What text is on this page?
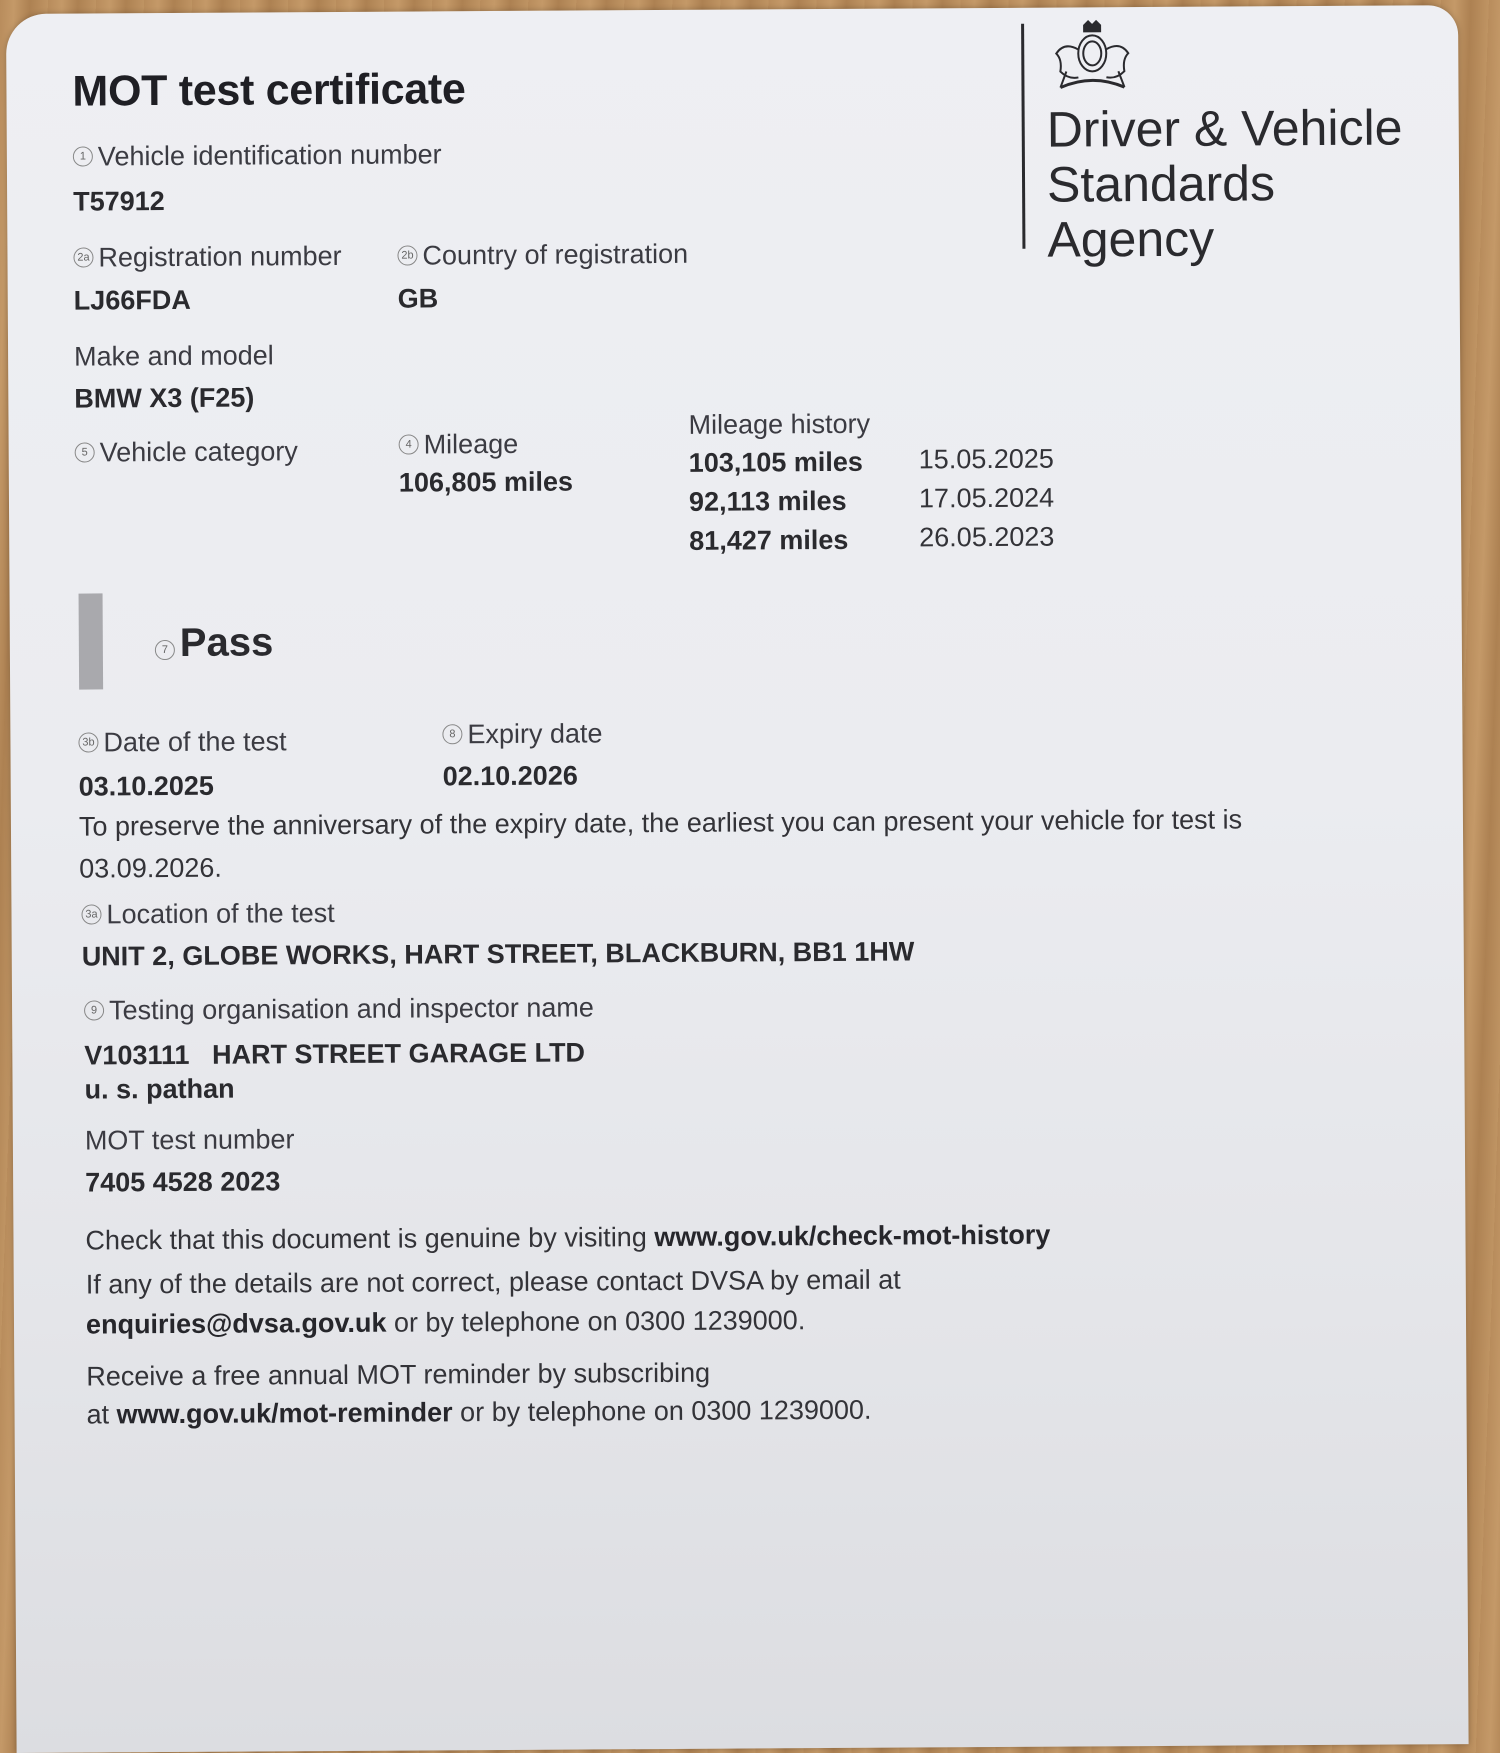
MOT test certificate
Driver & Vehicle
Standards
Agency
1 Vehicle identification number
T57912
2a Registration number
LJ66FDA
2b Country of registration
GB
Make and model
BMW X3 (F25)
5 Vehicle category	4 Mileage
106,805 miles
Mileage history
103,105 miles 15.05.2025
92,113 miles	17.05.2024
81,427 miles	26.05.2023
7 Pass
3b Date of the test
03.10.2025
8 Expiry date
02.10.2026
To preserve the anniversary of the expiry date, the earliest you can present your vehicle for test is
03.09.2026.
3a Location of the test
UNIT 2, GLOBE WORKS, HART STREET, BLACKBURN, BB1 1HW
9 Testing organisation and inspector name
V103111 HART STREET GARAGE LTD
u. s. pathan
MOT test number
7405 4528 2023
Check that this document is genuine by visiting www.gov.uk/check-mot-history
If any of the details are not correct, please contact DVSA by email at
enquiries@dvsa.gov.uk or by telephone on 0300 1239000.
Receive a free annual MOT reminder by subscribing
at www.gov.uk/mot-reminder or by telephone on 0300 1239000.
